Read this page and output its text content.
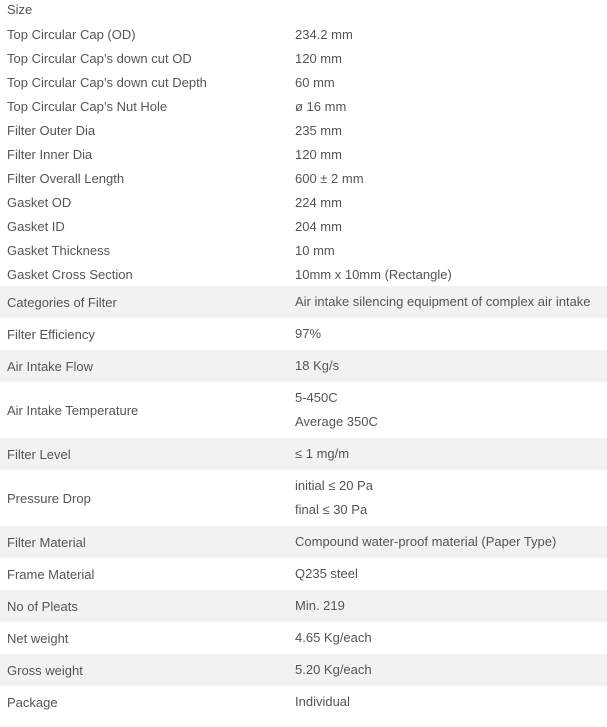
Size	
Top Circular Cap (OD)	234.2 mm
Top Circular Cap’s down cut OD	120 mm
Top Circular Cap’s down cut Depth	60 mm
Top Circular Cap’s Nut Hole	ø 16 mm
Filter Outer Dia	235 mm
Filter Inner Dia	120 mm
Filter Overall Length	600 ± 2 mm
Gasket OD	224 mm
Gasket ID	204 mm
Gasket Thickness	10 mm
Gasket Cross Section	10mm x 10mm (Rectangle)
Categories of Filter	Air intake silencing equipment of complex air intake

Filter Efficiency	97%

Air Intake Flow	18 Kg/s

Air Intake Temperature	5-450C
Average 350C

Filter Level	≤ 1 mg/m

Pressure Drop	initial ≤ 20 Pa
final ≤ 30 Pa

Filter Material	Compound water-proof material (Paper Type)

Frame Material	Q235 steel

No of Pleats	Min. 219

Net weight	4.65 Kg/each

Gross weight	5.20 Kg/each

Package	Individual
